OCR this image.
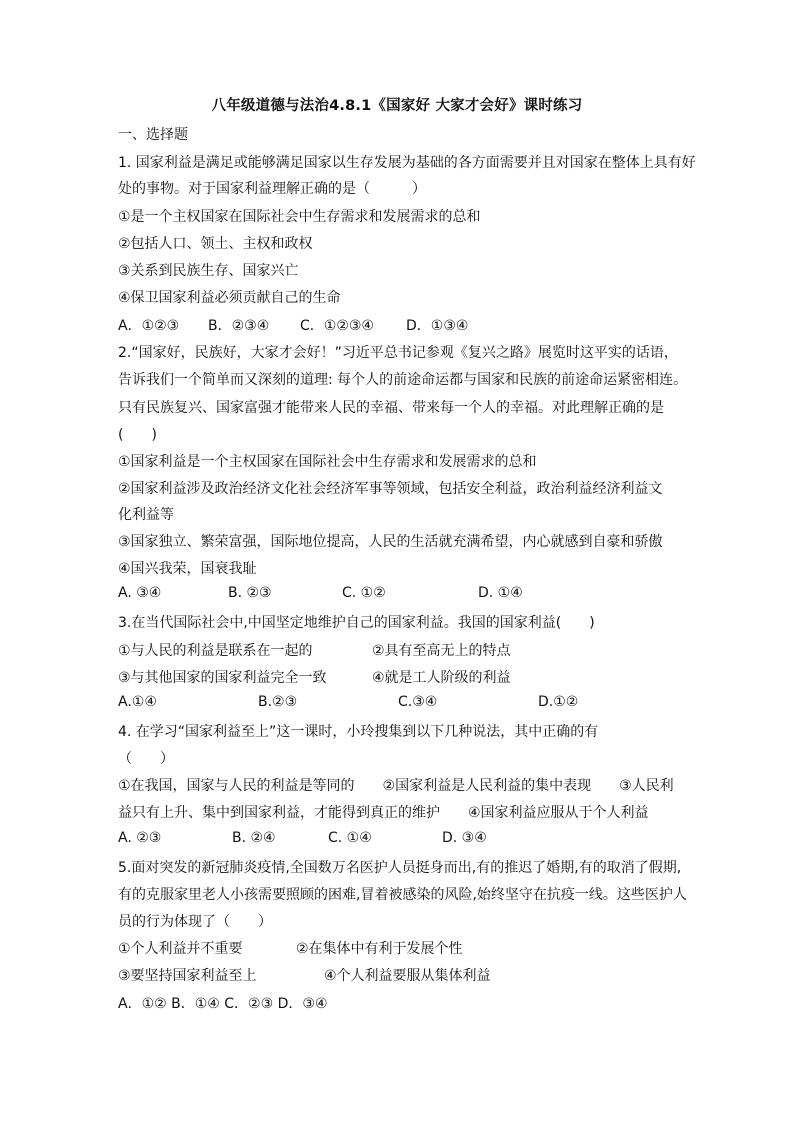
八年级道德与法治4.8.1《国家好 大家才会好》课时练习
一、选择题
1. 国家利益是满足或能够满足国家以生存发展为基础的各方面需要并且对国家在整体上具有好
处的事物。对于国家利益理解正确的是（　　　）
①是一个主权国家在国际社会中生存需求和发展需求的总和
②包括人口、领土、主权和政权
③关系到民族生存、国家兴亡
④保卫国家利益必须贡献自己的生命
A．①②③ B．②③④ C．①②③④ D．①③④
2.“国家好，民族好，大家才会好！”习近平总书记参观《复兴之路》展览时这平实的话语，
告诉我们一个简单而又深刻的道理: 每个人的前途命运都与国家和民族的前途命运紧密相连。
只有民族复兴、国家富强才能带来人民的幸福、带来每一个人的幸福。对此理解正确的是
(　　)
①国家利益是一个主权国家在国际社会中生存需求和发展需求的总和
②国家利益涉及政治经济文化社会经济军事等领域，包括安全利益，政治利益经济利益文
化利益等
③国家独立、繁荣富强，国际地位提高，人民的生活就充满希望，内心就感到自豪和骄傲
④国兴我荣，国衰我耻
A. ③④	B. ②③	C. ①②	D. ①④
3.在当代国际社会中,中国坚定地维护自己的国家利益。我国的国家利益(　　)
①与人民的利益是联系在一起的	②具有至高无上的特点
③与其他国家的国家利益完全一致	④就是工人阶级的利益
A.①④	B.②③	C.③④	D.①②
4. 在学习“国家利益至上”这一课时，小玲搜集到以下几种说法，其中正确的有
（　　）
①在我国，国家与人民的利益是等同的　　②国家利益是人民利益的集中表现　　③人民利
益只有上升、集中到国家利益，才能得到真正的维护　　④国家利益应服从于个人利益
A. ②③	B. ②④	C. ①④	D. ③④
5.面对突发的新冠肺炎疫情,全国数万名医护人员挺身而出,有的推迟了婚期,有的取消了假期,
有的克服家里老人小孩需要照顾的困难,冒着被感染的风险,始终坚守在抗疫一线。这些医护人
员的行为体现了（　　）
①个人利益并不重要	②在集体中有利于发展个性
③要坚持国家利益至上	④个人利益要服从集体利益
A．①② B．①④ C．②③ D．③④
